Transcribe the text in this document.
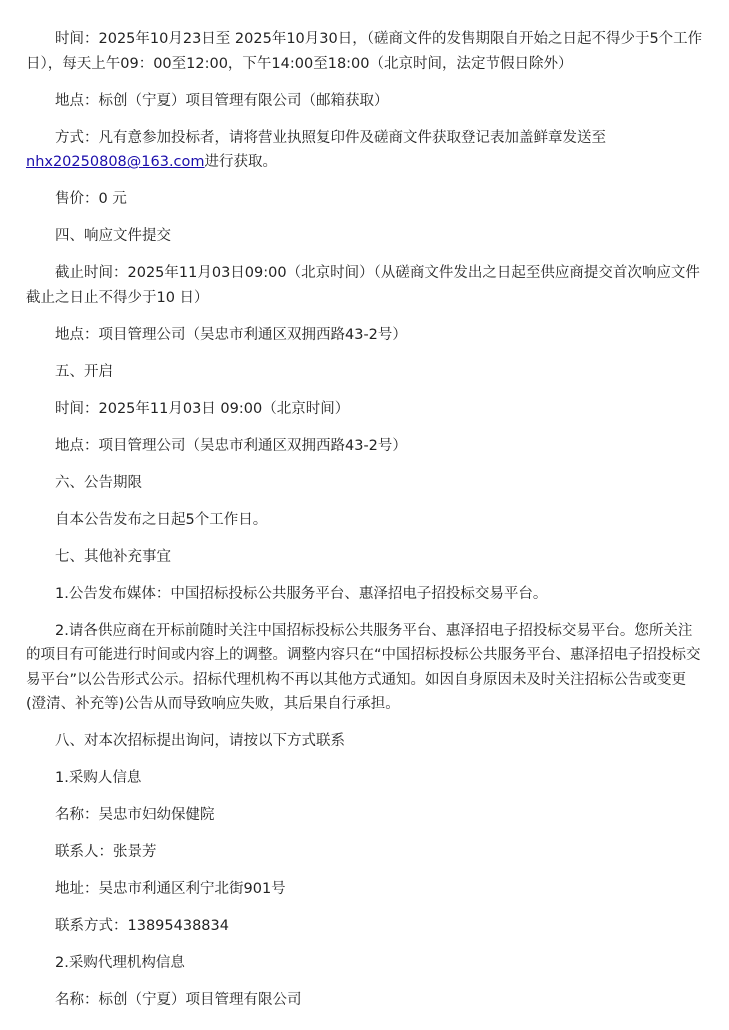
时间：2025年10月23日至 2025年10月30日，（磋商文件的发售期限自开始之日起不得少于5个工作日），每天上午09：00至12:00，下午14:00至18:00（北京时间，法定节假日除外）

地点：标创（宁夏）项目管理有限公司（邮箱获取）

方式：凡有意参加投标者，请将营业执照复印件及磋商文件获取登记表加盖鲜章发送至nhx20250808@163.com进行获取。

售价：0 元

四、响应文件提交

截止时间：2025年11月03日09:00（北京时间）（从磋商文件发出之日起至供应商提交首次响应文件截止之日止不得少于10 日）

地点：项目管理公司（吴忠市利通区双拥西路43-2号）

五、开启

时间：2025年11月03日 09:00（北京时间）

地点：项目管理公司（吴忠市利通区双拥西路43-2号）

六、公告期限

自本公告发布之日起5个工作日。

七、其他补充事宜

1.公告发布媒体：中国招标投标公共服务平台、惠泽招电子招投标交易平台。

2.请各供应商在开标前随时关注中国招标投标公共服务平台、惠泽招电子招投标交易平台。您所关注的项目有可能进行时间或内容上的调整。调整内容只在“中国招标投标公共服务平台、惠泽招电子招投标交易平台”以公告形式公示。招标代理机构不再以其他方式通知。如因自身原因未及时关注招标公告或变更(澄清、补充等)公告从而导致响应失败，其后果自行承担。

八、对本次招标提出询问，请按以下方式联系

1.采购人信息

名称：吴忠市妇幼保健院

联系人：张景芳

地址：吴忠市利通区利宁北街901号

联系方式：13895438834

2.采购代理机构信息

名称：标创（宁夏）项目管理有限公司
